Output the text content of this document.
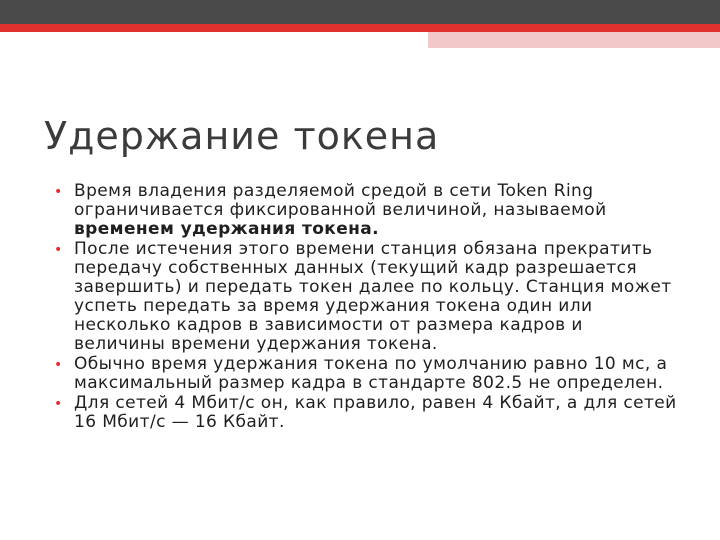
Удержание токена
• Время владения разделяемой средой в сети Token Ring ограничивается фиксированной величиной, называемой временем удержания токена.
• После истечения этого времени станция обязана прекратить передачу собственных данных (текущий кадр разрешается завершить) и передать токен далее по кольцу. Станция может успеть передать за время удержания токена один или несколько кадров в зависимости от размера кадров и величины времени удержания токена.
• Обычно время удержания токена по умолчанию равно 10 мс, а максимальный размер кадра в стандарте 802.5 не определен.
• Для сетей 4 Мбит/с он, как правило, равен 4 Кбайт, а для сетей 16 Мбит/с — 16 Кбайт.
